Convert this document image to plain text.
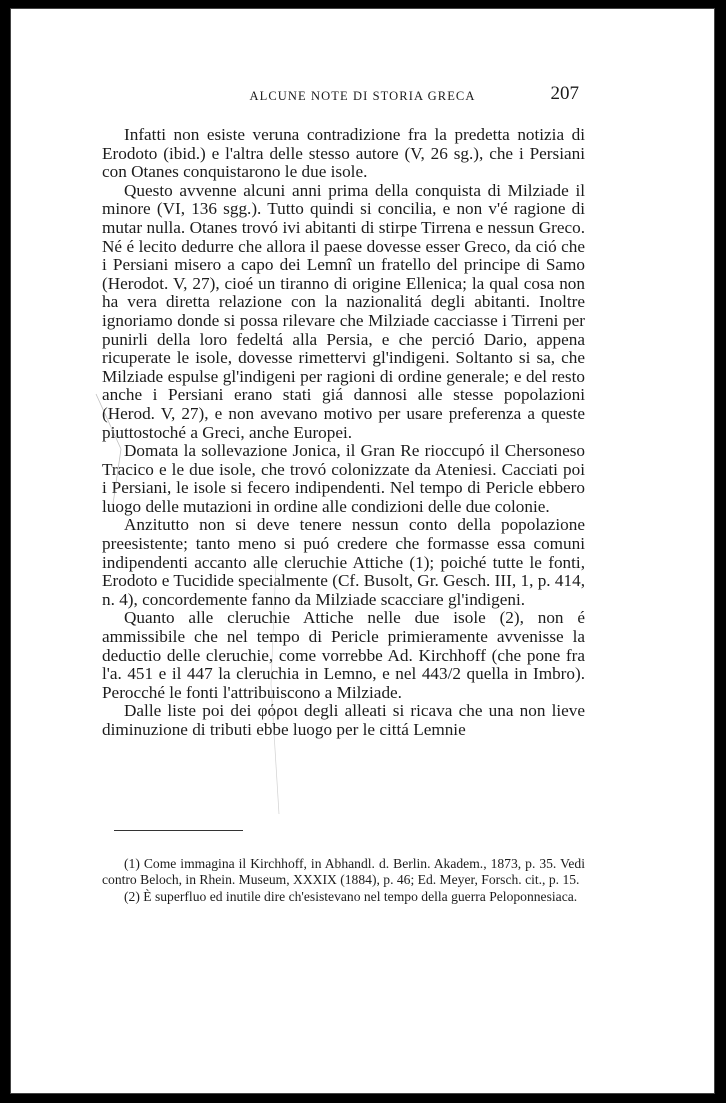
ALCUNE NOTE DI STORIA GRECA	207

Infatti non esiste veruna contradizione fra la predetta notizia di Erodoto (ibid.) e l'altra delle stesso autore (V, 26 sg.), che i Persiani con Otanes conquistarono le due isole.

Questo avvenne alcuni anni prima della conquista di Milziade il minore (VI, 136 sgg.). Tutto quindi si concilia, e non v'é ragione di mutar nulla. Otanes trovó ivi abitanti di stirpe Tirrena e nessun Greco. Né é lecito dedurre che allora il paese dovesse esser Greco, da ció che i Persiani misero a capo dei Lemnî un fratello del principe di Samo (Herodot. V, 27), cioé un tiranno di origine Ellenica; la qual cosa non ha vera diretta relazione con la nazionalitá degli abitanti. Inoltre ignoriamo donde si possa rilevare che Milziade cacciasse i Tirreni per punirli della loro fedeltá alla Persia, e che perció Dario, appena ricuperate le isole, dovesse rimettervi gl'indigeni. Soltanto si sa, che Milziade espulse gl'indigeni per ragioni di ordine generale; e del resto anche i Persiani erano stati giá dannosi alle stesse popolazioni (Herod. V, 27), e non avevano motivo per usare preferenza a queste piuttostoché a Greci, anche Europei.

Domata la sollevazione Jonica, il Gran Re rioccupó il Chersoneso Tracico e le due isole, che trovó colonizzate da Ateniesi. Cacciati poi i Persiani, le isole si fecero indipendenti. Nel tempo di Pericle ebbero luogo delle mutazioni in ordine alle condizioni delle due colonie.

Anzitutto non si deve tenere nessun conto della popolazione preesistente; tanto meno si puó credere che formasse essa comuni indipendenti accanto alle cleruchie Attiche (1); poiché tutte le fonti, Erodoto e Tucidide specialmente (Cf. Busolt, Gr. Gesch. III, 1, p. 414, n. 4), concordemente fanno da Milziade scacciare gl'indigeni.

Quanto alle cleruchie Attiche nelle due isole (2), non é ammissibile che nel tempo di Pericle primieramente avvenisse la deductio delle cleruchie, come vorrebbe Ad. Kirchhoff (che pone fra l'a. 451 e il 447 la cleruchia in Lemno, e nel 443/2 quella in Imbro). Perocché le fonti l'attribuiscono a Milziade.

Dalle liste poi dei φόροι degli alleati si ricava che una non lieve diminuzione di tributi ebbe luogo per le cittá Lemnie

(1) Come immagina il Kirchhoff, in Abhandl. d. Berlin. Akadem., 1873, p. 35. Vedi contro Beloch, in Rhein. Museum, XXXIX (1884), p. 46; Ed. Meyer, Forsch. cit., p. 15.

(2) È superfluo ed inutile dire ch'esistevano nel tempo della guerra Peloponnesiaca.
